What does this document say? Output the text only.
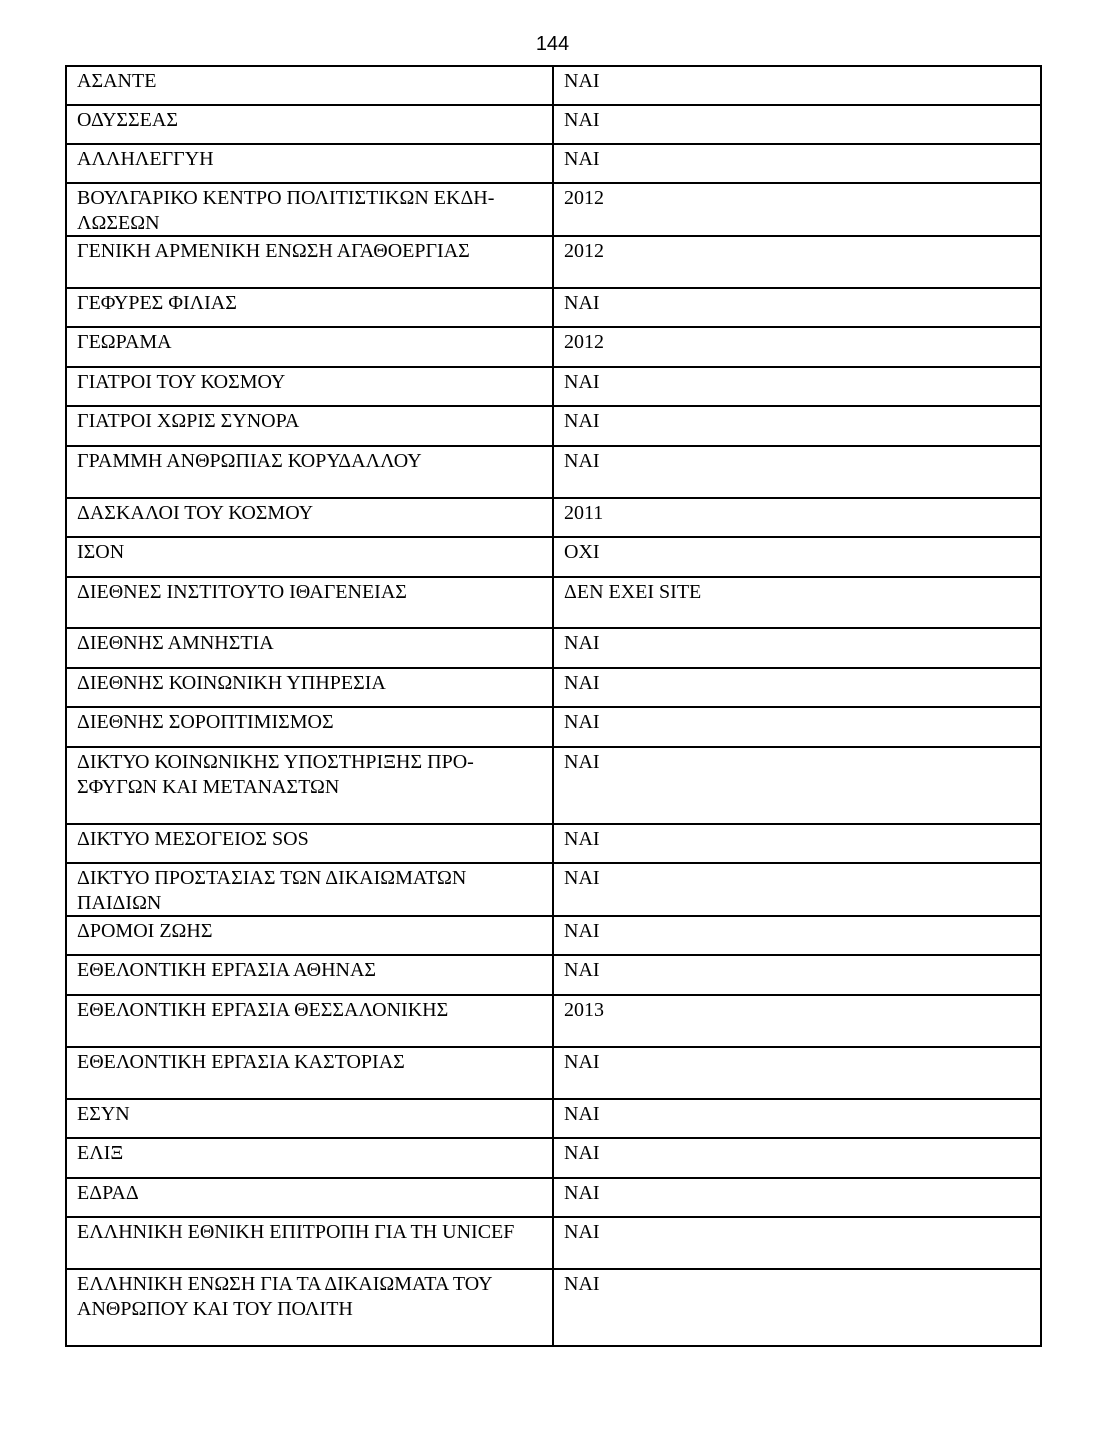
144
ΑΣΑΝΤΕ	ΝΑΙ
ΟΔΥΣΣΕΑΣ	ΝΑΙ
ΑΛΛΗΛΕΓΓΥΗ	ΝΑΙ
ΒΟΥΛΓΑΡΙΚΟ ΚΕΝΤΡΟ ΠΟΛΙΤΙΣΤΙΚΩΝ ΕΚΔΗ-ΛΩΣΕΩΝ	2012
ΓΕΝΙΚΗ ΑΡΜΕΝΙΚΗ ΕΝΩΣΗ ΑΓΑΘΟΕΡΓΙΑΣ	2012
ΓΕΦΥΡΕΣ ΦΙΛΙΑΣ	ΝΑΙ
ΓΕΩΡΑΜΑ	2012
ΓΙΑΤΡΟΙ ΤΟΥ ΚΟΣΜΟΥ	ΝΑΙ
ΓΙΑΤΡΟΙ ΧΩΡΙΣ ΣΥΝΟΡΑ	ΝΑΙ
ΓΡΑΜΜΗ ΑΝΘΡΩΠΙΑΣ ΚΟΡΥΔΑΛΛΟΥ	ΝΑΙ
ΔΑΣΚΑΛΟΙ ΤΟΥ ΚΟΣΜΟΥ	2011
ΙΣΟΝ	ΟΧΙ
ΔΙΕΘΝΕΣ ΙΝΣΤΙΤΟΥΤΟ ΙΘΑΓΕΝΕΙΑΣ	ΔΕΝ ΕΧΕΙ SITE
ΔΙΕΘΝΗΣ ΑΜΝΗΣΤΙΑ	ΝΑΙ
ΔΙΕΘΝΗΣ ΚΟΙΝΩΝΙΚΗ ΥΠΗΡΕΣΙΑ	ΝΑΙ
ΔΙΕΘΝΗΣ ΣΟΡΟΠΤΙΜΙΣΜΟΣ	ΝΑΙ
ΔΙΚΤΥΟ ΚΟΙΝΩΝΙΚΗΣ ΥΠΟΣΤΗΡΙΞΗΣ ΠΡΟ-ΣΦΥΓΩΝ ΚΑΙ ΜΕΤΑΝΑΣΤΩΝ	ΝΑΙ
ΔΙΚΤΥΟ ΜΕΣΟΓΕΙΟΣ SOS	ΝΑΙ
ΔΙΚΤΥΟ ΠΡΟΣΤΑΣΙΑΣ ΤΩΝ ΔΙΚΑΙΩΜΑΤΩΝ ΠΑΙΔΙΩΝ	ΝΑΙ
ΔΡΟΜΟΙ ΖΩΗΣ	ΝΑΙ
ΕΘΕΛΟΝΤΙΚΗ ΕΡΓΑΣΙΑ ΑΘΗΝΑΣ	ΝΑΙ
ΕΘΕΛΟΝΤΙΚΗ ΕΡΓΑΣΙΑ ΘΕΣΣΑΛΟΝΙΚΗΣ	2013
ΕΘΕΛΟΝΤΙΚΗ ΕΡΓΑΣΙΑ ΚΑΣΤΟΡΙΑΣ	ΝΑΙ
ΕΣΥΝ	ΝΑΙ
ΕΛΙΞ	ΝΑΙ
ΕΔΡΑΔ	ΝΑΙ
ΕΛΛΗΝΙΚΗ ΕΘΝΙΚΗ ΕΠΙΤΡΟΠΗ ΓΙΑ ΤΗ UNICEF	ΝΑΙ
ΕΛΛΗΝΙΚΗ ΕΝΩΣΗ ΓΙΑ ΤΑ ΔΙΚΑΙΩΜΑΤΑ ΤΟΥ ΑΝΘΡΩΠΟΥ ΚΑΙ ΤΟΥ ΠΟΛΙΤΗ	ΝΑΙ
